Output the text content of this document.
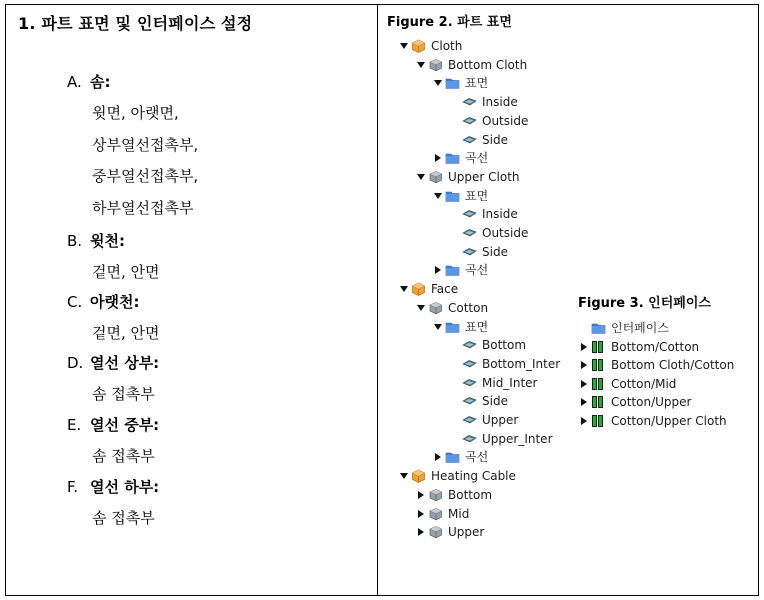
1. 파트 표면 및 인터페이스 설정
A. 솜:
윗면, 아랫면,
상부열선접촉부,
중부열선접촉부,
하부열선접촉부
B. 윗천:
겉면, 안면
C. 아랫천:
겉면, 안면
D. 열선 상부:
솜 접촉부
E. 열선 중부:
솜 접촉부
F. 열선 하부:
솜 접촉부
Figure 2. 파트 표면
Cloth
Bottom Cloth
표면
Inside
Outside
Side
곡선
Upper Cloth
표면
Inside
Outside
Side
곡선
Face
Cotton
표면
Bottom
Bottom_Inter
Mid_Inter
Side
Upper
Upper_Inter
곡선
Heating Cable
Bottom
Mid
Upper
Figure 3. 인터페이스
인터페이스
Bottom/Cotton
Bottom Cloth/Cotton
Cotton/Mid
Cotton/Upper
Cotton/Upper Cloth
